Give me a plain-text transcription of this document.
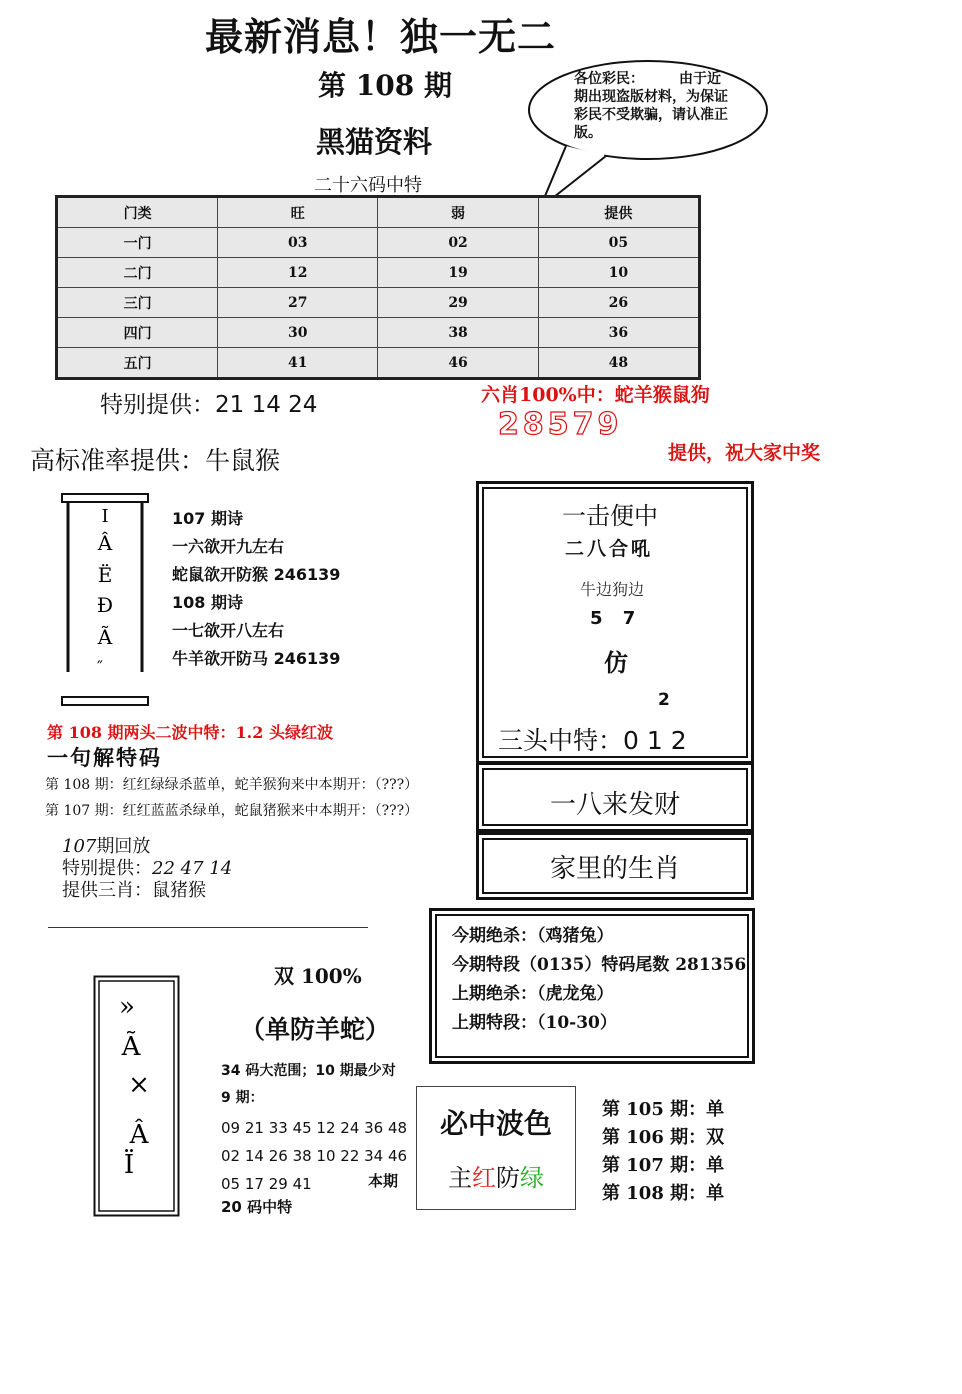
最新消息！独一无二
第 108 期
黑猫资料
二十六码中特
各位彩民：　　　由于近期出现盗版材料，为保证彩民不受欺骗，请认准正版。
门类	旺	弱	提供
一门	03	02	05
二门	12	19	10
三门	27	29	26
四门	30	38	36
五门	41	46	48
特别提供：21 14 24	六肖100%中：蛇羊猴鼠狗
28579
提供，祝大家中奖
高标准率提供：牛鼠猴
Ⅰ
Â
Ë
Ð
Ã
″
107 期诗
一六欲开九左右
蛇鼠欲开防猴 246139
108 期诗
一七欲开八左右
牛羊欲开防马 246139
第 108 期两头二波中特：1.2 头绿红波
一句解特码
第 108 期：红红绿绿杀蓝单，蛇羊猴狗来中本期开：（???）
第 107 期：红红蓝蓝杀绿单，蛇鼠猪猴来中本期开：（???）
107期回放
特别提供：22 47 14
提供三肖：鼠猪猴
一击便中
二八合吼
牛边狗边
5 7
仿
2
三头中特：0 1 2
一八来发财
家里的生肖
今期绝杀：（鸡猪兔）
今期特段（0135）特码尾数 281356
上期绝杀：（虎龙兔）
上期特段：（10-30）
»
Ã
×
Â
Ï
双 100%
（单防羊蛇）
34 码大范围；10 期最少对
9 期：
09 21 33 45 12 24 36 48
02 14 26 38 10 22 34 46
05 17 29 41	本期
20 码中特
必中波色
主红防绿
第 105 期：单
第 106 期：双
第 107 期：单
第 108 期：单
